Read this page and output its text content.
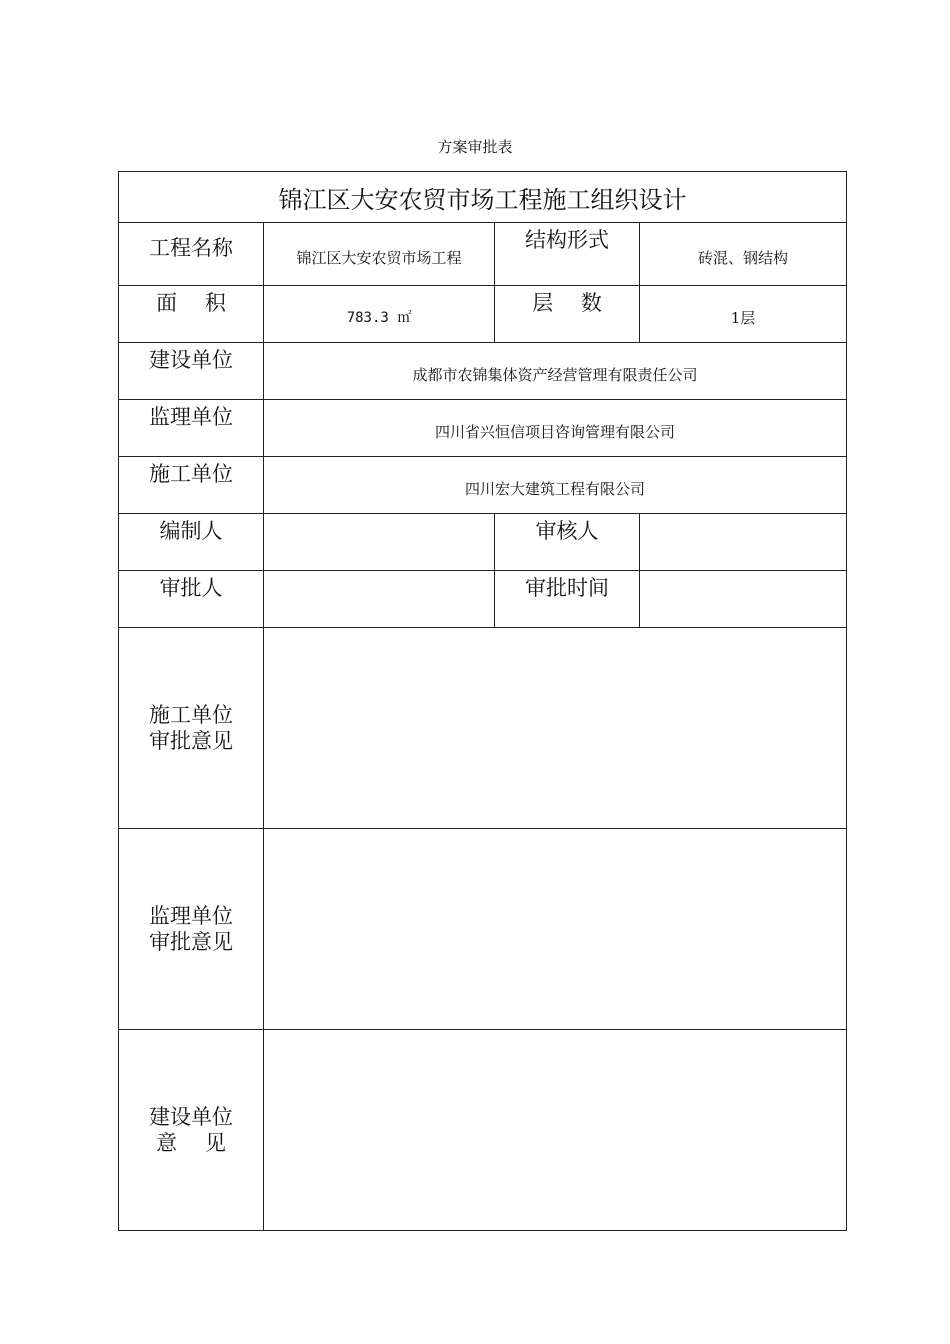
方案审批表
锦江区大安农贸市场工程施工组织设计			
工程名称	锦江区大安农贸市场工程	结构形式	砖混、钢结构
面　 积	783.3 ㎡	层　 数	1层
建设单位	成都市农锦集体资产经营管理有限责任公司		
监理单位	四川省兴恒信项目咨询管理有限公司		
施工单位	四川宏大建筑工程有限公司		
编制人		审核人	
审批人		审批时间	

施工单位
审批意见			

监理单位
审批意见			

建设单位
意　 见			
